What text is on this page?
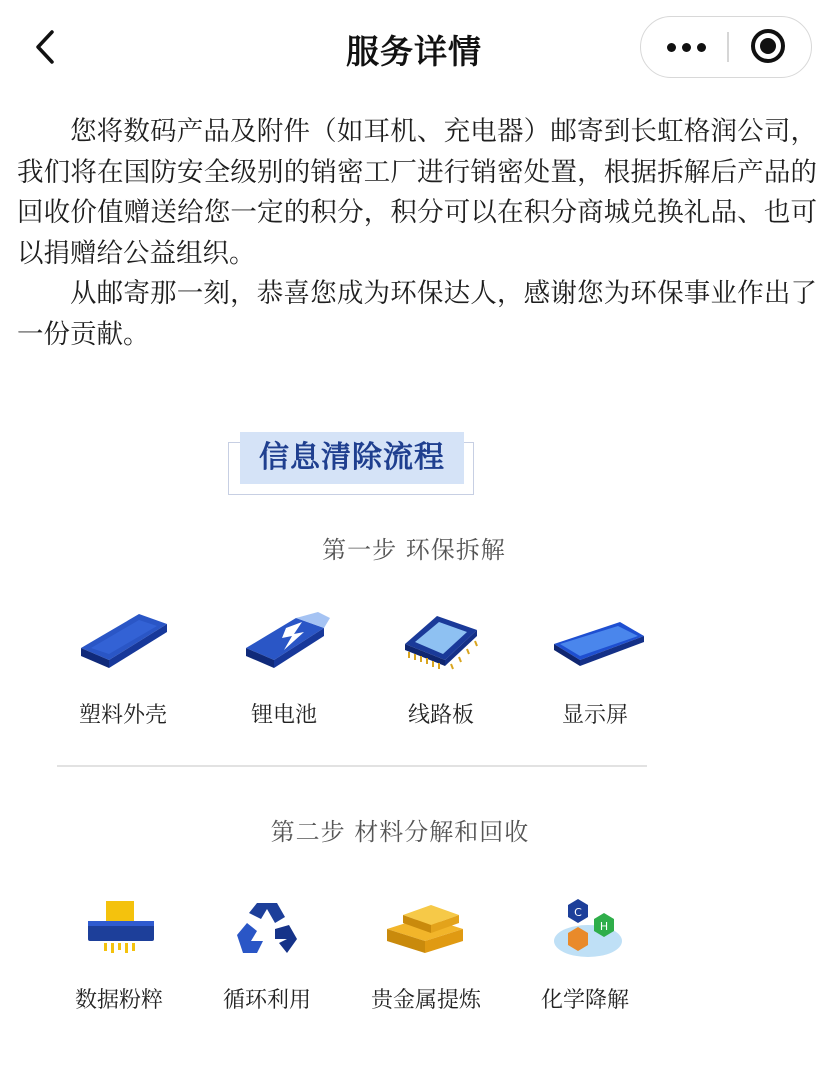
服务详情

您将数码产品及附件（如耳机、充电器）邮寄到长虹格润公司，我们将在国防安全级别的销密工厂进行销密处置，根据拆解后产品的回收价值赠送给您一定的积分，积分可以在积分商城兑换礼品、也可以捐赠给公益组织。

从邮寄那一刻，恭喜您成为环保达人，感谢您为环保事业作出了一份贡献。

信息清除流程
第一步 环保拆解
塑料外壳	锂电池	线路板	显示屏
第二步 材料分解和回收
数据粉粹	循环利用	贵金属提炼
C
H
化学降解
